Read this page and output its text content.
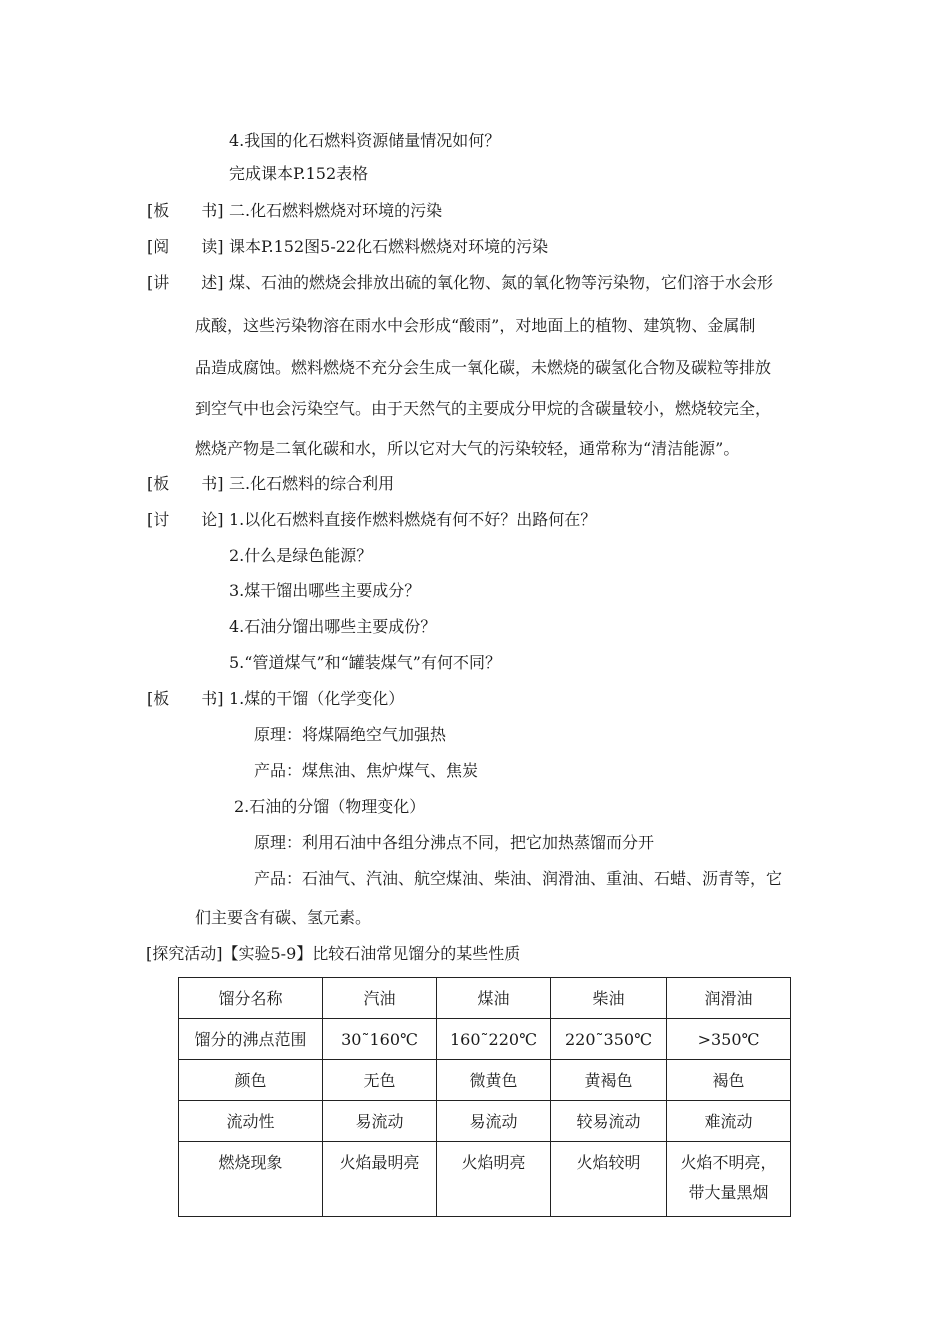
4.我国的化石燃料资源储量情况如何？
完成课本P.152表格
[板　　书] 二.化石燃料燃烧对环境的污染
[阅　　读] 课本P.152图5-22化石燃料燃烧对环境的污染
[讲　　述] 煤、石油的燃烧会排放出硫的氧化物、氮的氧化物等污染物，它们溶于水会形
成酸，这些污染物溶在雨水中会形成“酸雨”，对地面上的植物、建筑物、金属制
品造成腐蚀。燃料燃烧不充分会生成一氧化碳，未燃烧的碳氢化合物及碳粒等排放
到空气中也会污染空气。由于天然气的主要成分甲烷的含碳量较小，燃烧较完全，
燃烧产物是二氧化碳和水，所以它对大气的污染较轻，通常称为“清洁能源”。
[板　　书] 三.化石燃料的综合利用
[讨　　论] 1.以化石燃料直接作燃料燃烧有何不好？出路何在？
2.什么是绿色能源？
3.煤干馏出哪些主要成分？
4.石油分馏出哪些主要成份？
5.“管道煤气”和“罐装煤气”有何不同？
[板　　书] 1.煤的干馏（化学变化）
原理：将煤隔绝空气加强热
产品：煤焦油、焦炉煤气、焦炭
2.石油的分馏（物理变化）
原理：利用石油中各组分沸点不同，把它加热蒸馏而分开
产品：石油气、汽油、航空煤油、柴油、润滑油、重油、石蜡、沥青等，它
们主要含有碳、氢元素。
[探究活动]【实验5-9】比较石油常见馏分的某些性质
馏分名称	汽油	煤油	柴油	润滑油
馏分的沸点范围	30˜160℃	160˜220℃	220˜350℃	>350℃
颜色	无色	微黄色	黄褐色	褐色
流动性	易流动	易流动	较易流动	难流动
燃烧现象	火焰最明亮	火焰明亮	火焰较明	火焰不明亮，
带大量黑烟
